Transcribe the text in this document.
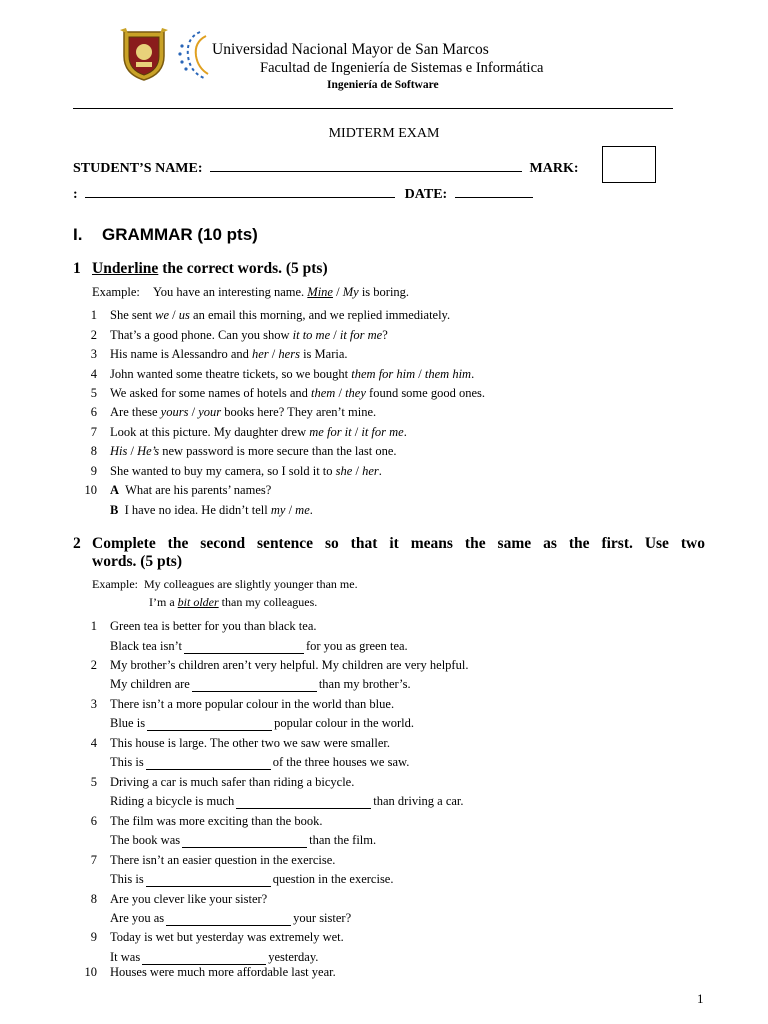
Universidad Nacional Mayor de San Marcos
Facultad de Ingeniería de Sistemas e Informática
Ingeniería de Software
MIDTERM EXAM
STUDENT’S NAME:	MARK:
:	DATE:
I. GRAMMAR (10 pts)
1 Underline the correct words. (5 pts)
Example: You have an interesting name. Mine / My is boring.
1	She sent we / us an email this morning, and we replied immediately.
2	That’s a good phone. Can you show it to me / it for me?
3	His name is Alessandro and her / hers is Maria.
4	John wanted some theatre tickets, so we bought them for him / them him.
5	We asked for some names of hotels and them / they found some good ones.
6	Are these yours / your books here? They aren’t mine.
7	Look at this picture. My daughter drew me for it / it for me.
8	His / He’s new password is more secure than the last one.
9	She wanted to buy my camera, so I sold it to she / her.
10	A What are his parents’ names?
B I have no idea. He didn’t tell my / me.
2 Complete the second sentence so that it means the same as the first. Use two
words. (5 pts)
Example: My colleagues are slightly younger than me.
I’m a bit older than my colleagues.
1	Green tea is better for you than black tea.
Black tea isn’t	for you as green tea.
2	My brother’s children aren’t very helpful. My children are very helpful.
My children are	than my brother’s.
3	There isn’t a more popular colour in the world than blue.
Blue is	popular colour in the world.
4	This house is large. The other two we saw were smaller.
This is	of the three houses we saw.
5	Driving a car is much safer than riding a bicycle.
Riding a bicycle is much	than driving a car.
6	The film was more exciting than the book.
The book was	than the film.
7	There isn’t an easier question in the exercise.
This is	question in the exercise.
8	Are you clever like your sister?
Are you as	your sister?
9	Today is wet but yesterday was extremely wet.
It was	yesterday.
10	Houses were much more affordable last year.
1
